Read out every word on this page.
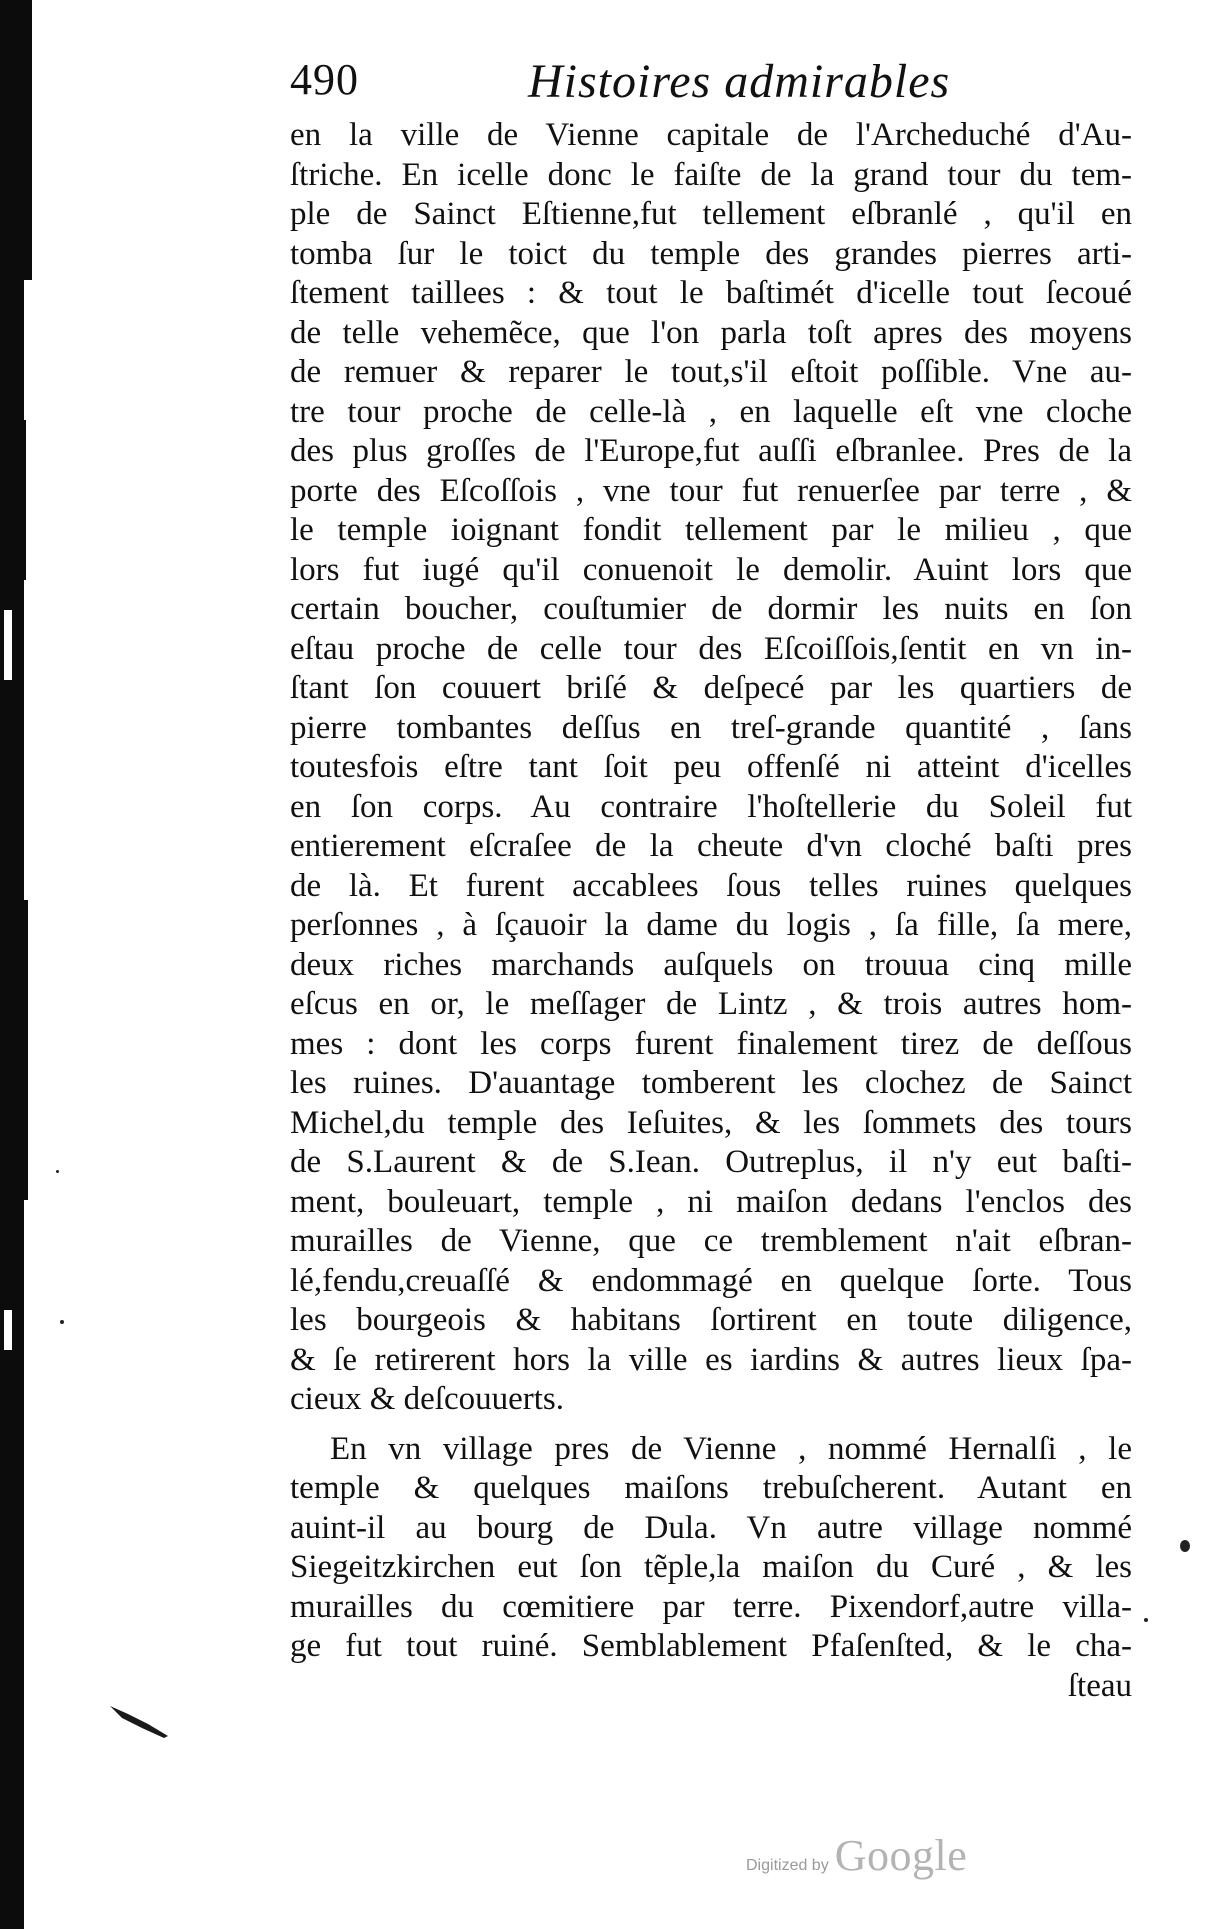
490	Histoires admirables
en la ville de Vienne capitale de l'Archeduché d'Au-
ſtriche. En icelle donc le faiſte de la grand tour du tem-
ple de Sainct Eſtienne,fut tellement eſbranlé , qu'il en
tomba ſur le toict du temple des grandes pierres arti-
ſtement taillees : & tout le baſtimét d'icelle tout ſecoué
de telle vehemẽce, que l'on parla toſt apres des moyens
de remuer & reparer le tout,s'il eſtoit poſſible. Vne au-
tre tour proche de celle-là , en laquelle eſt vne cloche
des plus groſſes de l'Europe,fut auſſi eſbranlee. Pres de la
porte des Eſcoſſois , vne tour fut renuerſee par terre , &
le temple ioignant fondit tellement par le milieu , que
lors fut iugé qu'il conuenoit le demolir. Auint lors que
certain boucher, couſtumier de dormir les nuits en ſon
eſtau proche de celle tour des Eſcoiſſois,ſentit en vn in-
ſtant ſon couuert briſé & deſpecé par les quartiers de
pierre tombantes deſſus en treſ-grande quantité , ſans
toutesfois eſtre tant ſoit peu offenſé ni atteint d'icelles
en ſon corps. Au contraire l'hoſtellerie du Soleil fut
entierement eſcraſee de la cheute d'vn cloché baſti pres
de là. Et furent accablees ſous telles ruines quelques
perſonnes , à ſçauoir la dame du logis , ſa fille, ſa mere,
deux riches marchands auſquels on trouua cinq mille
eſcus en or, le meſſager de Lintz , & trois autres hom-
mes : dont les corps furent finalement tirez de deſſous
les ruines. D'auantage tomberent les clochez de Sainct
Michel,du temple des Ieſuites, & les ſommets des tours
de S.Laurent & de S.Iean. Outreplus, il n'y eut baſti-
ment, bouleuart, temple , ni maiſon dedans l'enclos des
murailles de Vienne, que ce tremblement n'ait eſbran-
lé,fendu,creuaſſé & endommagé en quelque ſorte. Tous
les bourgeois & habitans ſortirent en toute diligence,
& ſe retirerent hors la ville es iardins & autres lieux ſpa-
cieux & deſcouuerts.
En vn village pres de Vienne , nommé Hernalſi , le
temple & quelques maiſons trebuſcherent. Autant en
auint-il au bourg de Dula. Vn autre village nommé
Siegeitzkirchen eut ſon tẽple,la maiſon du Curé , & les
murailles du cœmitiere par terre. Pixendorf,autre villa-
ge fut tout ruiné. Semblablement Pfaſenſted, & le cha-
ſteau
Digitized by Google
